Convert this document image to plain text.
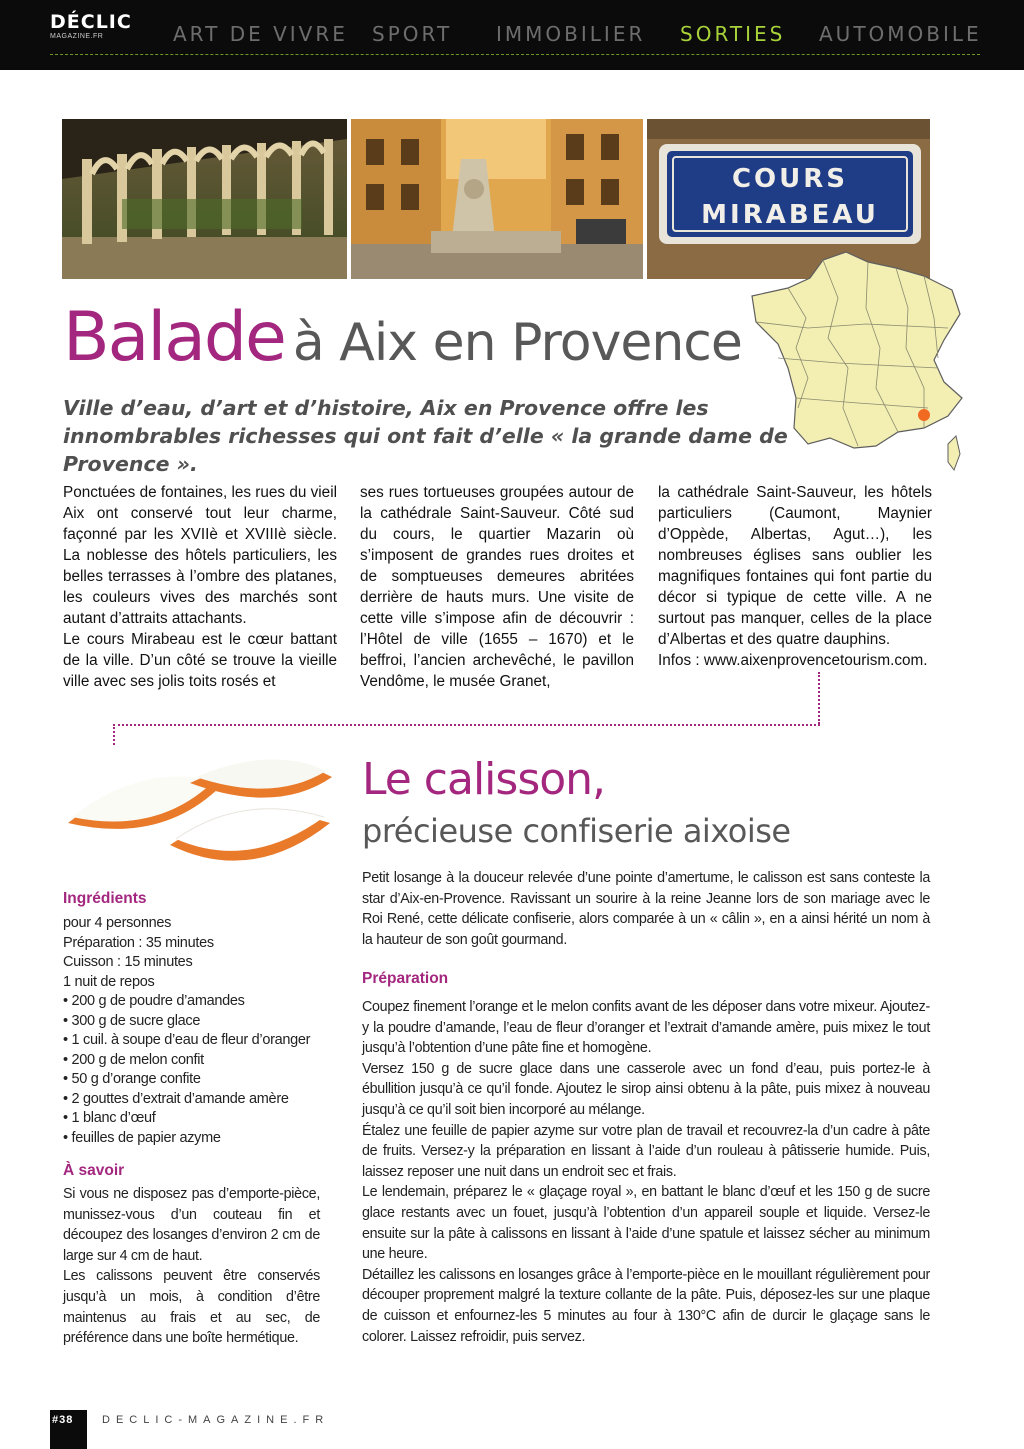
DÉCLIC
MAGAZINE.FR	ART DE VIVRE SPORT IMMOBILIER SORTIES AUTOMOBILE
COURS
MIRABEAU
Balade à Aix en Provence
Ville d’eau, d’art et d’histoire, Aix en Provence offre les innombrables richesses qui ont fait d’elle « la grande dame de Provence ».

Ponctuées de fontaines, les rues du vieil Aix ont conservé tout leur charme, façonné par les XVIIè et XVIIIè siècle. La noblesse des hôtels particuliers, les belles terrasses à l’ombre des platanes, les couleurs vives des marchés sont autant d’attraits attachants.

Le cours Mirabeau est le cœur battant de la ville. D’un côté se trouve la vieille ville avec ses jolis toits rosés et

ses rues tortueuses groupées autour de la cathédrale Saint-Sauveur. Côté sud du cours, le quartier Mazarin où s’imposent de grandes rues droites et de somptueuses demeures abritées derrière de hauts murs. Une visite de cette ville s’impose afin de découvrir : l’Hôtel de ville (1655 – 1670) et le beffroi, l’ancien archevêché, le pavillon Vendôme, le musée Granet,

la cathédrale Saint-Sauveur, les hôtels particuliers (Caumont, Maynier d’Oppède, Albertas, Agut…), les nombreuses églises sans oublier les magnifiques fontaines qui font partie du décor si typique de cette ville. A ne surtout pas manquer, celles de la place d’Albertas et des quatre dauphins.

Infos : www.aixenprovencetourism.com.

Le calisson,
précieuse confiserie aixoise
Petit losange à la douceur relevée d’une pointe d’amertume, le calisson est sans conteste la star d’Aix-en-Provence. Ravissant un sourire à la reine Jeanne lors de son mariage avec le Roi René, cette délicate confiserie, alors comparée à un « câlin », en a ainsi hérité un nom à la hauteur de son goût gourmand.
Ingrédients
pour 4 personnes
Préparation : 35 minutes
Cuisson : 15 minutes
1 nuit de repos
• 200 g de poudre d’amandes
• 300 g de sucre glace
• 1 cuil. à soupe d’eau de fleur d’oranger
• 200 g de melon confit
• 50 g d’orange confite
• 2 gouttes d’extrait d’amande amère
• 1 blanc d’œuf
• feuilles de papier azyme
À savoir

Si vous ne disposez pas d’emporte-pièce, munissez-vous d’un couteau fin et découpez des losanges d’environ 2 cm de large sur 4 cm de haut.

Les calissons peuvent être conservés jusqu’à un mois, à condition d’être maintenus au frais et au sec, de préférence dans une boîte hermétique.

Préparation

Coupez finement l’orange et le melon confits avant de les déposer dans votre mixeur. Ajoutez-y la poudre d’amande, l’eau de fleur d’oranger et l’extrait d’amande amère, puis mixez le tout jusqu’à l’obtention d’une pâte fine et homogène.

Versez 150 g de sucre glace dans une casserole avec un fond d’eau, puis portez-le à ébullition jusqu’à ce qu’il fonde. Ajoutez le sirop ainsi obtenu à la pâte, puis mixez à nouveau jusqu’à ce qu’il soit bien incorporé au mélange.

Étalez une feuille de papier azyme sur votre plan de travail et recouvrez-la d’un cadre à pâte de fruits. Versez-y la préparation en lissant à l’aide d’un rouleau à pâtisserie humide. Puis, laissez reposer une nuit dans un endroit sec et frais.

Le lendemain, préparez le « glaçage royal », en battant le blanc d’œuf et les 150 g de sucre glace restants avec un fouet, jusqu’à l’obtention d’un appareil souple et liquide. Versez-le ensuite sur la pâte à calissons en lissant à l’aide d’une spatule et laissez sécher au minimum une heure.

Détaillez les calissons en losanges grâce à l’emporte-pièce en le mouillant régulièrement pour découper proprement malgré la texture collante de la pâte. Puis, déposez-les sur une plaque de cuisson et enfournez-les 5 minutes au four à 130°C afin de durcir le glaçage sans le colorer. Laissez refroidir, puis servez.

#38	DECLIC-MAGAZINE.FR
